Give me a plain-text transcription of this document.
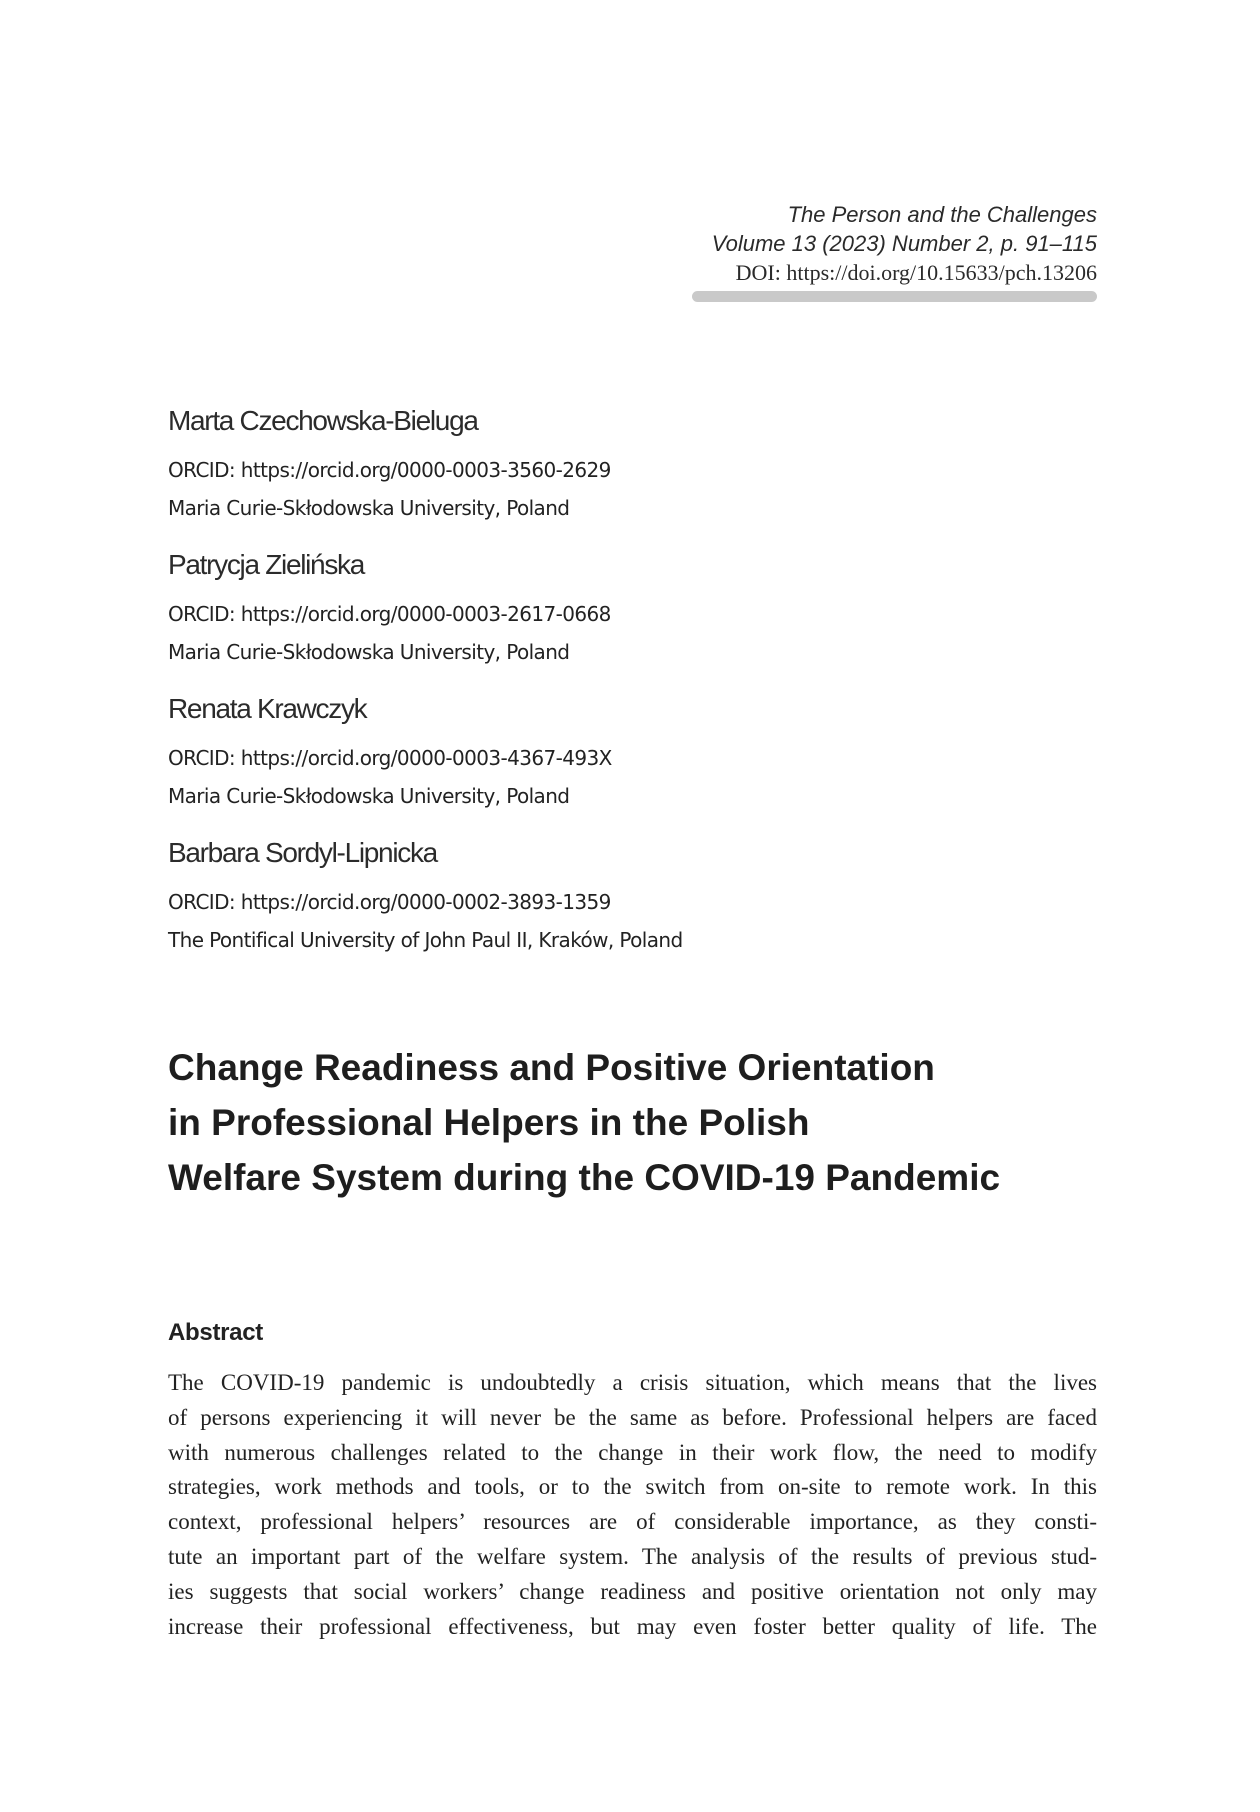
The Person and the Challenges
Volume 13 (2023) Number 2, p. 91–115
DOI: https://doi.org/10.15633/pch.13206
Marta Czechowska-Bieluga
ORCID: https://orcid.org/0000-0003-3560-2629
Maria Curie-Skłodowska University, Poland
Patrycja Zielińska
ORCID: https://orcid.org/0000-0003-2617-0668
Maria Curie-Skłodowska University, Poland
Renata Krawczyk
ORCID: https://orcid.org/0000-0003-4367-493X
Maria Curie-Skłodowska University, Poland
Barbara Sordyl-Lipnicka
ORCID: https://orcid.org/0000-0002-3893-1359
The Pontifical University of John Paul II, Kraków, Poland
Change Readiness and Positive Orientation
in Professional Helpers in the Polish
Welfare System during the COVID-19 Pandemic
Abstract
The COVID-19 pandemic is undoubtedly a crisis situation, which means that the lives
of persons experiencing it will never be the same as before. Professional helpers are faced
with numerous challenges related to the change in their work flow, the need to modify
strategies, work methods and tools, or to the switch from on-site to remote work. In this
context, professional helpers’ resources are of considerable importance, as they consti-
tute an important part of the welfare system. The analysis of the results of previous stud-
ies suggests that social workers’ change readiness and positive orientation not only may
increase their professional effectiveness, but may even foster better quality of life. The
